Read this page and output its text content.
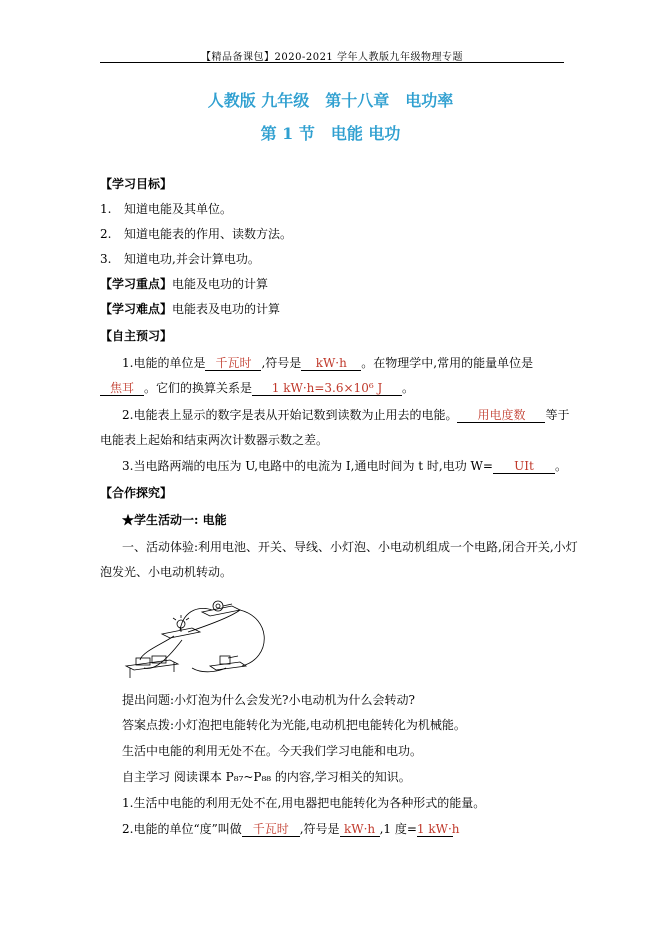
【精品备课包】2020-2021 学年人教版九年级物理专题
人教版 九年级　第十八章　电功率
第 1 节　电能 电功
【学习目标】
1. 知道电能及其单位。
2. 知道电能表的作用、读数方法。
3. 知道电功,并会计算电功。
【学习重点】电能及电功的计算
【学习难点】电能表及电功的计算
【自主预习】
1.电能的单位是 千瓦时 ,符号是 kW·h 。在物理学中,常用的能量单位是
焦耳 。它们的换算关系是 1 kW·h=3.6×10⁶ J 。
2.电能表上显示的数字是表从开始记数到读数为止用去的电能。 用电度数 等于
电能表上起始和结束两次计数器示数之差。
3.当电路两端的电压为 U,电路中的电流为 I,通电时间为 t 时,电功 W= UIt 。
【合作探究】
★学生活动一: 电能
一、活动体验:利用电池、开关、导线、小灯泡、小电动机组成一个电路,闭合开关,小灯
泡发光、小电动机转动。
提出问题:小灯泡为什么会发光?小电动机为什么会转动?
答案点拨:小灯泡把电能转化为光能,电动机把电能转化为机械能。
生活中电能的利用无处不在。今天我们学习电能和电功。
自主学习 阅读课本 P₈₇~P₈₈ 的内容,学习相关的知识。
1.生活中电能的利用无处不在,用电器把电能转化为各种形式的能量。
2.电能的单位“度”叫做 千瓦时 ,符号是 kW·h ,1 度=1 kW·h
